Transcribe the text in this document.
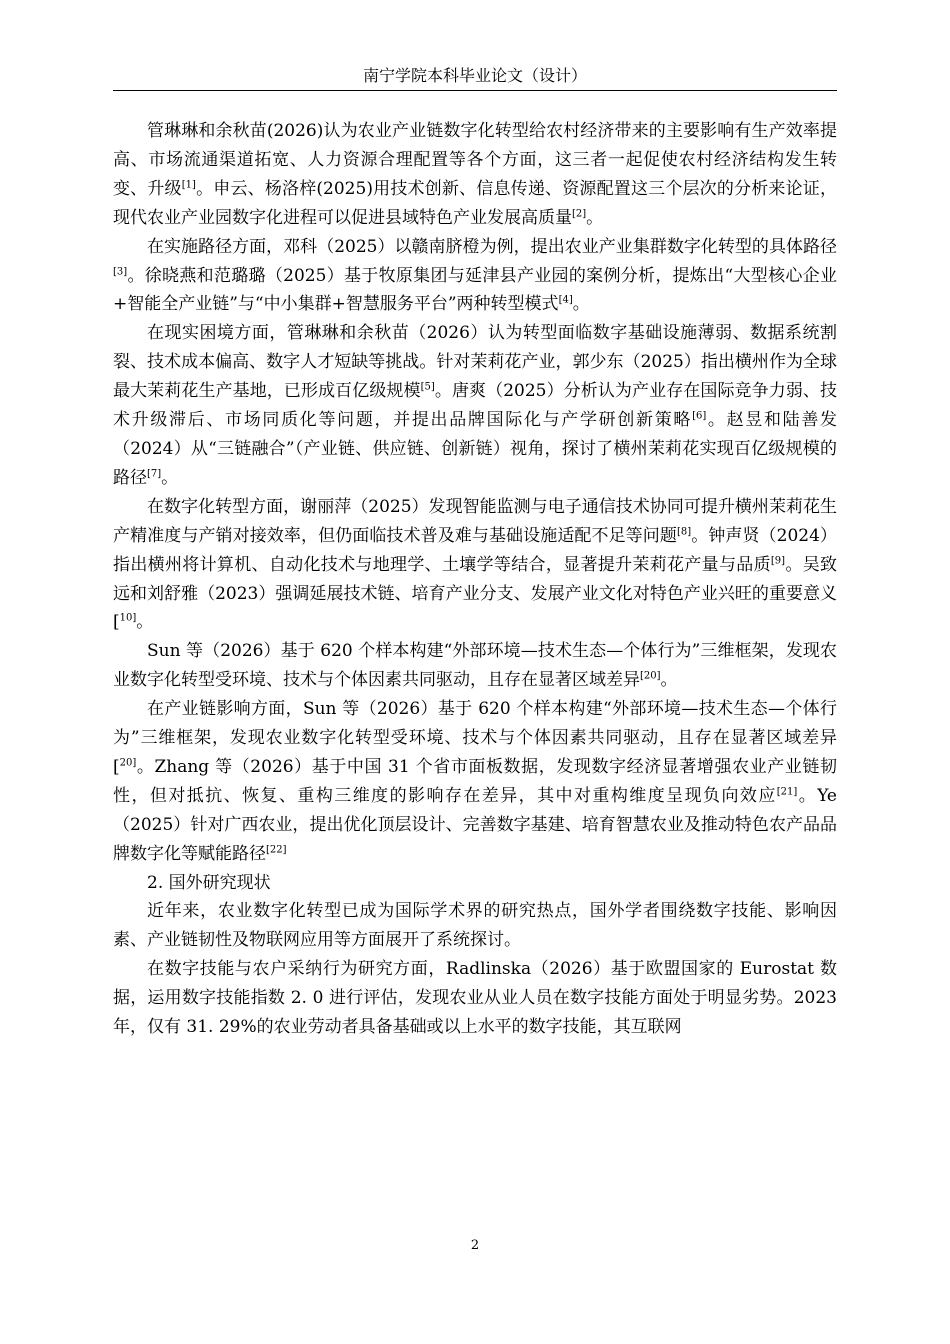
南宁学院本科毕业论文（设计）

管琳琳和余秋苗(2026)认为农业产业链数字化转型给农村经济带来的主要影响有生产效率提高、市场流通渠道拓宽、人力资源合理配置等各个方面，这三者一起促使农村经济结构发生转变、升级[1]。申云、杨洛梓(2025)用技术创新、信息传递、资源配置这三个层次的分析来论证，现代农业产业园数字化进程可以促进县域特色产业发展高质量[2]。

在实施路径方面，邓科（2025）以赣南脐橙为例，提出农业产业集群数字化转型的具体路径[3]。徐晓燕和范璐璐（2025）基于牧原集团与延津县产业园的案例分析，提炼出“大型核心企业+智能全产业链”与“中小集群+智慧服务平台”两种转型模式[4]。

在现实困境方面，管琳琳和余秋苗（2026）认为转型面临数字基础设施薄弱、数据系统割裂、技术成本偏高、数字人才短缺等挑战。针对茉莉花产业，郭少东（2025）指出横州作为全球最大茉莉花生产基地，已形成百亿级规模[5]。唐爽（2025）分析认为产业存在国际竞争力弱、技术升级滞后、市场同质化等问题，并提出品牌国际化与产学研创新策略[6]。赵昱和陆善发（2024）从“三链融合”（产业链、供应链、创新链）视角，探讨了横州茉莉花实现百亿级规模的路径[7]。

在数字化转型方面，谢丽萍（2025）发现智能监测与电子通信技术协同可提升横州茉莉花生产精准度与产销对接效率，但仍面临技术普及难与基础设施适配不足等问题[8]。钟声贤（2024）指出横州将计算机、自动化技术与地理学、土壤学等结合，显著提升茉莉花产量与品质[9]。吴致远和刘舒雅（2023）强调延展技术链、培育产业分支、发展产业文化对特色产业兴旺的重要意义[$^{10]}$。

Sun 等（2026）基于 620 个样本构建“外部环境—技术生态—个体行为”三维框架，发现农业数字化转型受环境、技术与个体因素共同驱动，且存在显著区域差异[20]。

在产业链影响方面，Sun 等（2026）基于 620 个样本构建“外部环境—技术生态—个体行为”三维框架，发现农业数字化转型受环境、技术与个体因素共同驱动，且存在显著区域差异[$^{20]}$。Zhang 等（2026）基于中国 31 个省市面板数据，发现数字经济显著增强农业产业链韧性，但对抵抗、恢复、重构三维度的影响存在差异，其中对重构维度呈现负向效应[21]。Ye（2025）针对广西农业，提出优化顶层设计、完善数字基建、培育智慧农业及推动特色农产品品牌数字化等赋能路径[22]

2. 国外研究现状

近年来，农业数字化转型已成为国际学术界的研究热点，国外学者围绕数字技能、影响因素、产业链韧性及物联网应用等方面展开了系统探讨。

在数字技能与农户采纳行为研究方面，Radlinska（2026）基于欧盟国家的 Eurostat 数据，运用数字技能指数 2. 0 进行评估，发现农业从业人员在数字技能方面处于明显劣势。2023 年，仅有 31. 29%的农业劳动者具备基础或以上水平的数字技能，其互联网

2
